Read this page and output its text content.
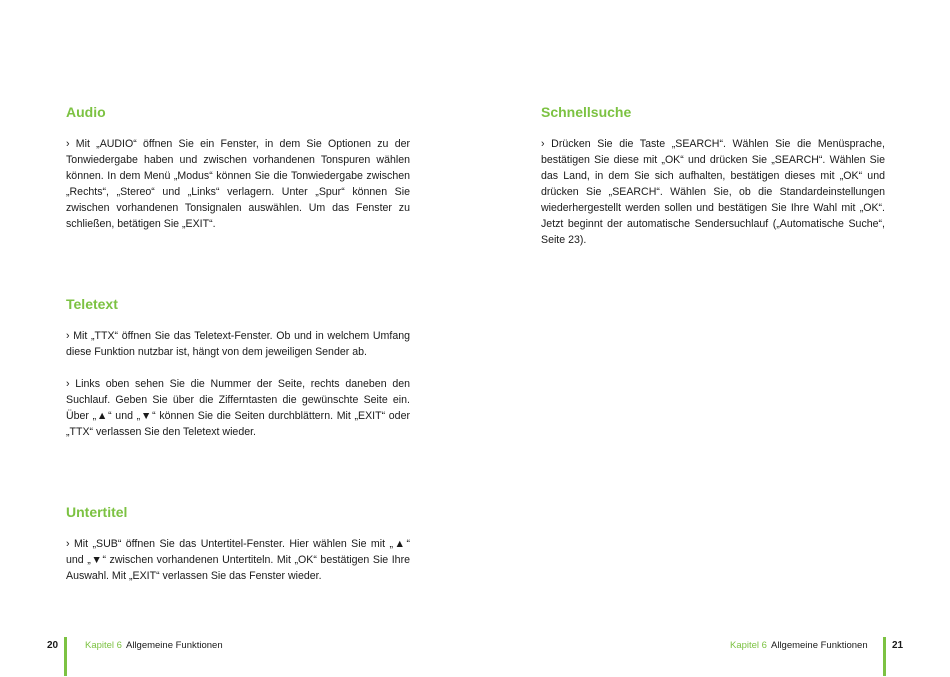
Audio

› Mit „AUDIO“ öffnen Sie ein Fenster, in dem Sie Optionen zu der Tonwiedergabe haben und zwischen vorhandenen Tonspuren wählen können. In dem Menü „Modus“ können Sie die Tonwiedergabe zwischen „Rechts“, „Stereo“ und „Links“ verlagern. Unter „Spur“ können Sie zwischen vorhandenen Tonsignalen auswählen. Um das Fenster zu schließen, betätigen Sie „EXIT“.

Teletext

› Mit „TTX“ öffnen Sie das Teletext-Fenster. Ob und in welchem Umfang diese Funktion nutzbar ist, hängt von dem jeweiligen Sender ab.

› Links oben sehen Sie die Nummer der Seite, rechts daneben den Suchlauf. Geben Sie über die Zifferntasten die gewünschte Seite ein. Über „▲“ und „▼“ können Sie die Seiten durchblättern. Mit „EXIT“ oder „TTX“ verlassen Sie den Teletext wieder.

Untertitel

› Mit „SUB“ öffnen Sie das Untertitel-Fenster. Hier wählen Sie mit „▲“ und „▼“ zwischen vorhandenen Untertiteln. Mit „OK“ bestätigen Sie Ihre Auswahl. Mit „EXIT“ verlassen Sie das Fenster wieder.

20	Kapitel 6 Allgemeine Funktionen
Schnellsuche

› Drücken Sie die Taste „SEARCH“. Wählen Sie die Menüsprache, bestätigen Sie diese mit „OK“ und drücken Sie „SEARCH“. Wählen Sie das Land, in dem Sie sich aufhalten, bestätigen dieses mit „OK“ und drücken Sie „SEARCH“. Wählen Sie, ob die Standardeinstellungen wiederhergestellt werden sollen und bestätigen Sie Ihre Wahl mit „OK“. Jetzt beginnt der automatische Sendersuchlauf („Automatische Suche“, Seite 23).

Kapitel 6 Allgemeine Funktionen 21
